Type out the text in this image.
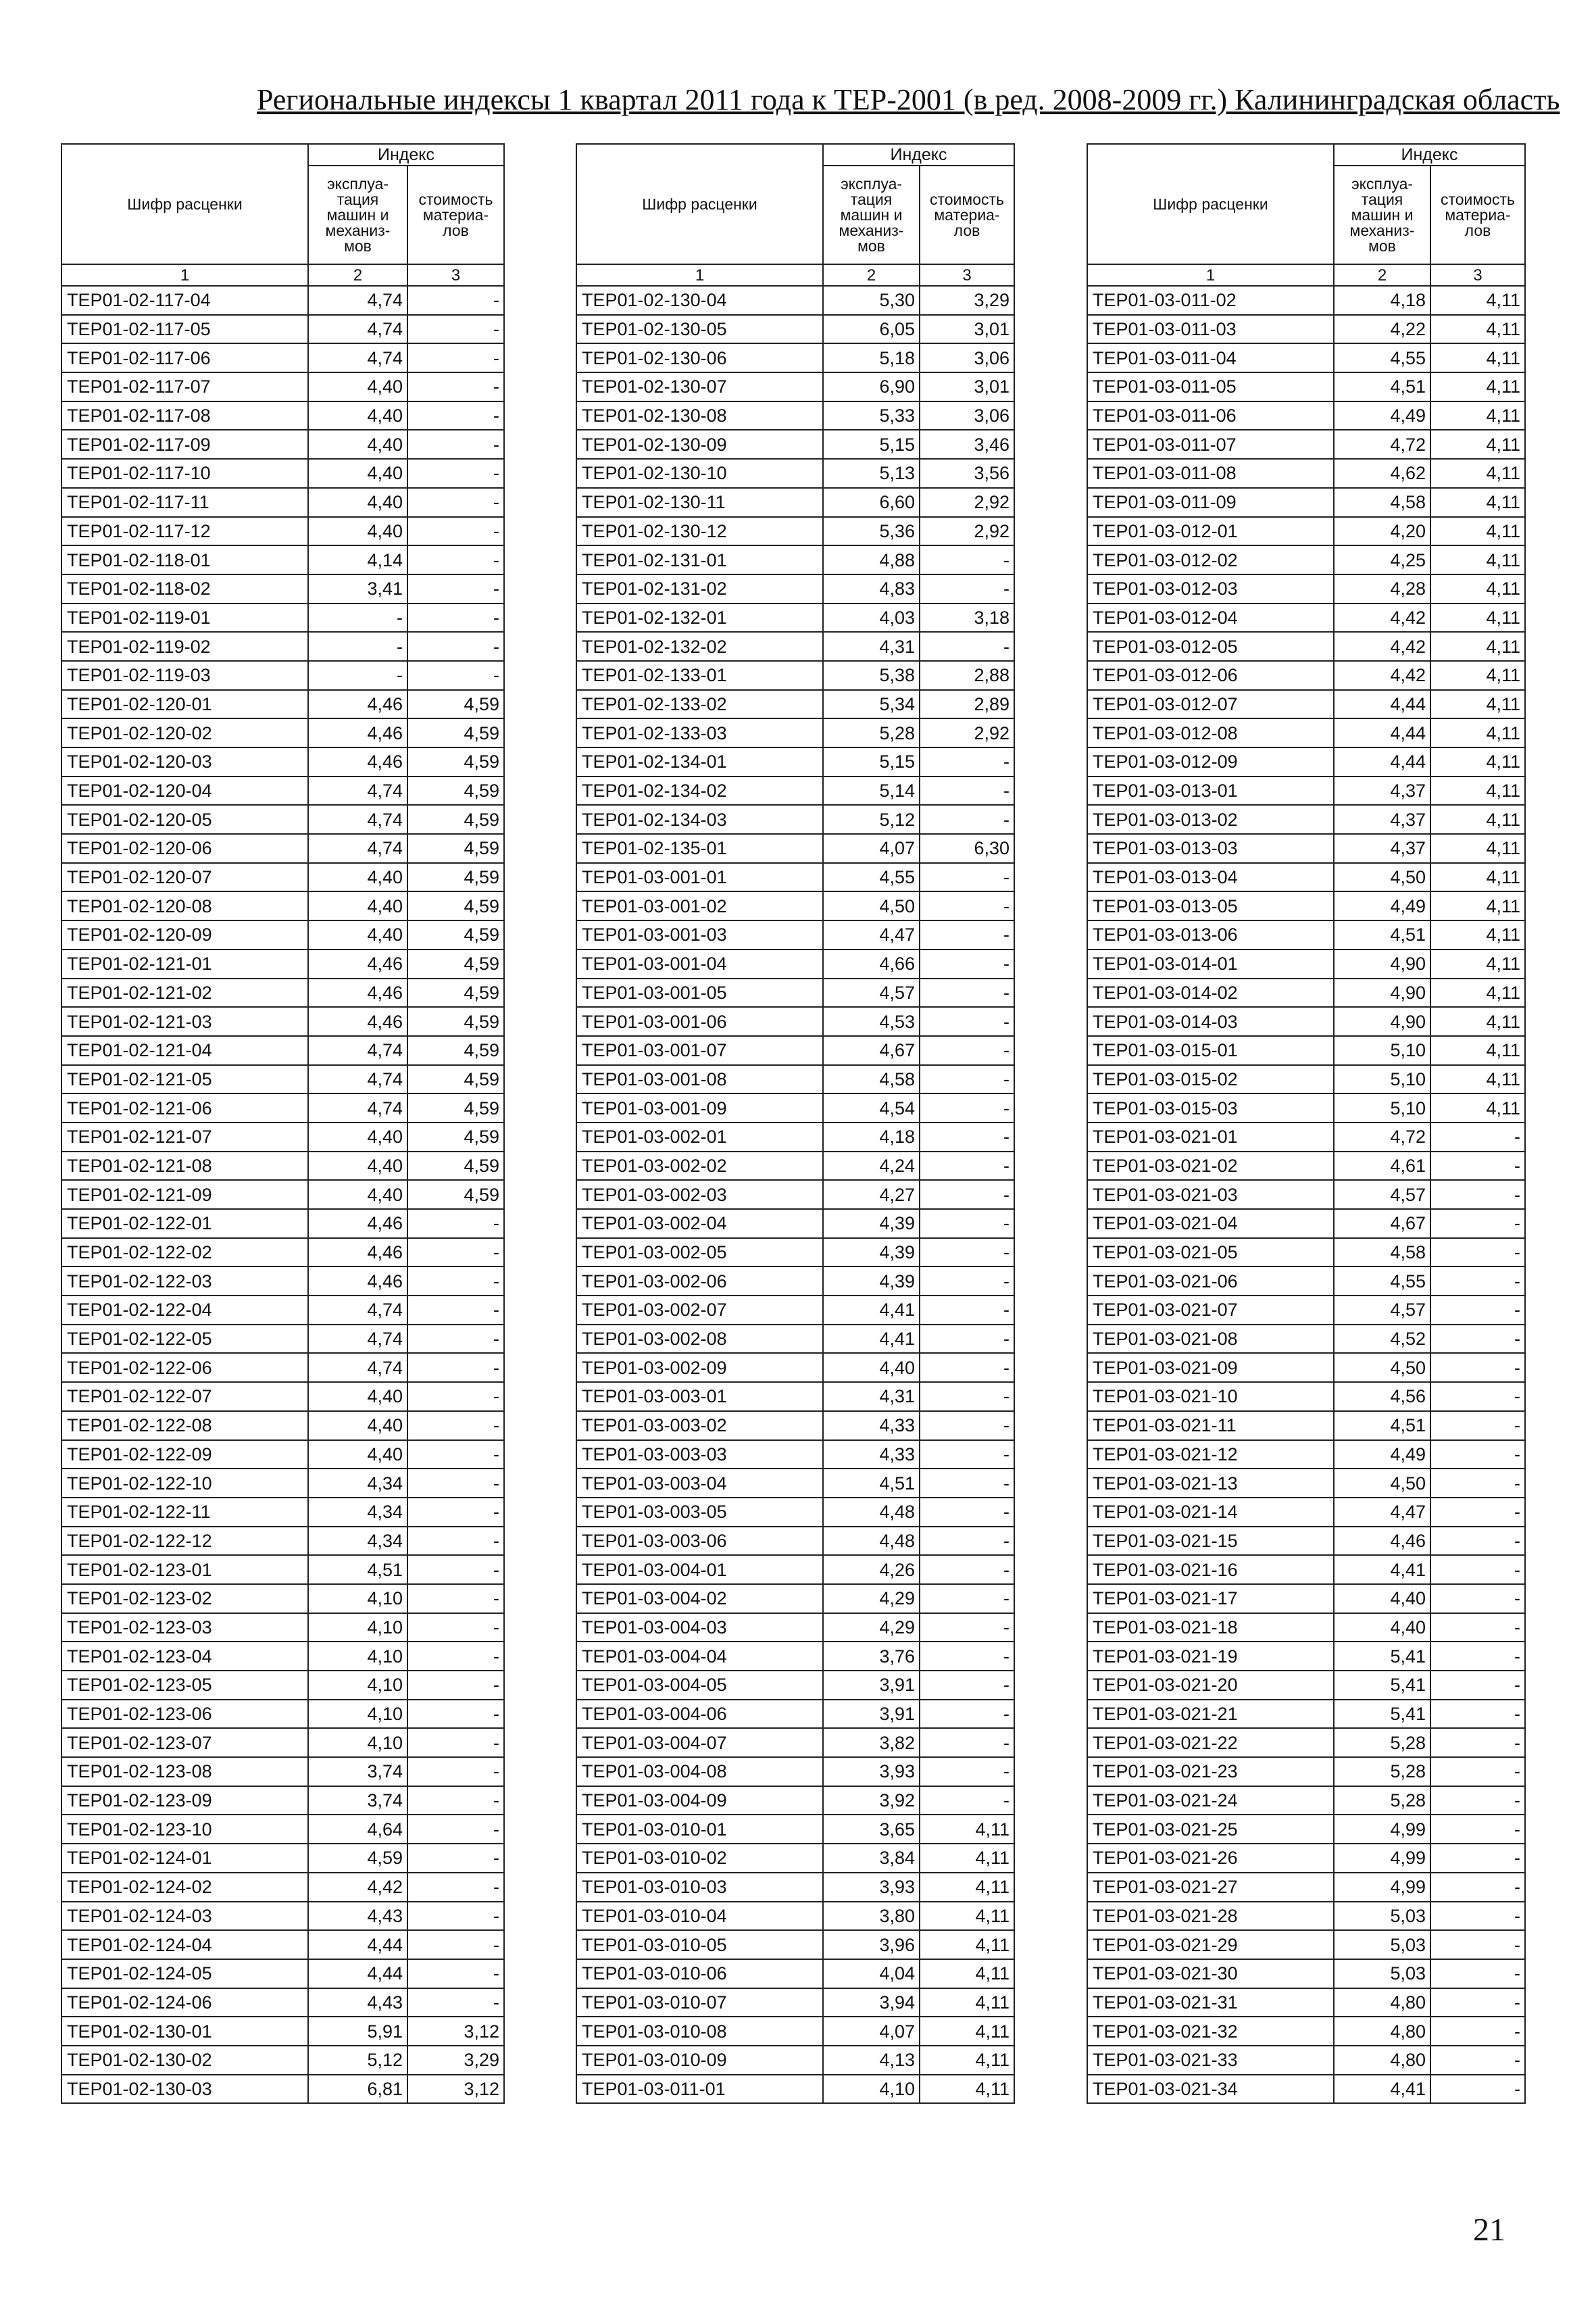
Региональные индексы 1 квартал 2011 года к ТЕР-2001 (в ред. 2008-2009 гг.) Калининградская область
Шифр расценки	Индекс	
	эксплуа-
тация
машин и
механиз-
мов	стоимость
материа-
лов
1	2	3
ТЕР01-02-117-04	4,74	-
ТЕР01-02-117-05	4,74	-
ТЕР01-02-117-06	4,74	-
ТЕР01-02-117-07	4,40	-
ТЕР01-02-117-08	4,40	-
ТЕР01-02-117-09	4,40	-
ТЕР01-02-117-10	4,40	-
ТЕР01-02-117-11	4,40	-
ТЕР01-02-117-12	4,40	-
ТЕР01-02-118-01	4,14	-
ТЕР01-02-118-02	3,41	-
ТЕР01-02-119-01	-	-
ТЕР01-02-119-02	-	-
ТЕР01-02-119-03	-	-
ТЕР01-02-120-01	4,46	4,59
ТЕР01-02-120-02	4,46	4,59
ТЕР01-02-120-03	4,46	4,59
ТЕР01-02-120-04	4,74	4,59
ТЕР01-02-120-05	4,74	4,59
ТЕР01-02-120-06	4,74	4,59
ТЕР01-02-120-07	4,40	4,59
ТЕР01-02-120-08	4,40	4,59
ТЕР01-02-120-09	4,40	4,59
ТЕР01-02-121-01	4,46	4,59
ТЕР01-02-121-02	4,46	4,59
ТЕР01-02-121-03	4,46	4,59
ТЕР01-02-121-04	4,74	4,59
ТЕР01-02-121-05	4,74	4,59
ТЕР01-02-121-06	4,74	4,59
ТЕР01-02-121-07	4,40	4,59
ТЕР01-02-121-08	4,40	4,59
ТЕР01-02-121-09	4,40	4,59
ТЕР01-02-122-01	4,46	-
ТЕР01-02-122-02	4,46	-
ТЕР01-02-122-03	4,46	-
ТЕР01-02-122-04	4,74	-
ТЕР01-02-122-05	4,74	-
ТЕР01-02-122-06	4,74	-
ТЕР01-02-122-07	4,40	-
ТЕР01-02-122-08	4,40	-
ТЕР01-02-122-09	4,40	-
ТЕР01-02-122-10	4,34	-
ТЕР01-02-122-11	4,34	-
ТЕР01-02-122-12	4,34	-
ТЕР01-02-123-01	4,51	-
ТЕР01-02-123-02	4,10	-
ТЕР01-02-123-03	4,10	-
ТЕР01-02-123-04	4,10	-
ТЕР01-02-123-05	4,10	-
ТЕР01-02-123-06	4,10	-
ТЕР01-02-123-07	4,10	-
ТЕР01-02-123-08	3,74	-
ТЕР01-02-123-09	3,74	-
ТЕР01-02-123-10	4,64	-
ТЕР01-02-124-01	4,59	-
ТЕР01-02-124-02	4,42	-
ТЕР01-02-124-03	4,43	-
ТЕР01-02-124-04	4,44	-
ТЕР01-02-124-05	4,44	-
ТЕР01-02-124-06	4,43	-
ТЕР01-02-130-01	5,91	3,12
ТЕР01-02-130-02	5,12	3,29
ТЕР01-02-130-03	6,81	3,12
Шифр расценки	Индекс	
	эксплуа-
тация
машин и
механиз-
мов	стоимость
материа-
лов
1	2	3
ТЕР01-02-130-04	5,30	3,29
ТЕР01-02-130-05	6,05	3,01
ТЕР01-02-130-06	5,18	3,06
ТЕР01-02-130-07	6,90	3,01
ТЕР01-02-130-08	5,33	3,06
ТЕР01-02-130-09	5,15	3,46
ТЕР01-02-130-10	5,13	3,56
ТЕР01-02-130-11	6,60	2,92
ТЕР01-02-130-12	5,36	2,92
ТЕР01-02-131-01	4,88	-
ТЕР01-02-131-02	4,83	-
ТЕР01-02-132-01	4,03	3,18
ТЕР01-02-132-02	4,31	-
ТЕР01-02-133-01	5,38	2,88
ТЕР01-02-133-02	5,34	2,89
ТЕР01-02-133-03	5,28	2,92
ТЕР01-02-134-01	5,15	-
ТЕР01-02-134-02	5,14	-
ТЕР01-02-134-03	5,12	-
ТЕР01-02-135-01	4,07	6,30
ТЕР01-03-001-01	4,55	-
ТЕР01-03-001-02	4,50	-
ТЕР01-03-001-03	4,47	-
ТЕР01-03-001-04	4,66	-
ТЕР01-03-001-05	4,57	-
ТЕР01-03-001-06	4,53	-
ТЕР01-03-001-07	4,67	-
ТЕР01-03-001-08	4,58	-
ТЕР01-03-001-09	4,54	-
ТЕР01-03-002-01	4,18	-
ТЕР01-03-002-02	4,24	-
ТЕР01-03-002-03	4,27	-
ТЕР01-03-002-04	4,39	-
ТЕР01-03-002-05	4,39	-
ТЕР01-03-002-06	4,39	-
ТЕР01-03-002-07	4,41	-
ТЕР01-03-002-08	4,41	-
ТЕР01-03-002-09	4,40	-
ТЕР01-03-003-01	4,31	-
ТЕР01-03-003-02	4,33	-
ТЕР01-03-003-03	4,33	-
ТЕР01-03-003-04	4,51	-
ТЕР01-03-003-05	4,48	-
ТЕР01-03-003-06	4,48	-
ТЕР01-03-004-01	4,26	-
ТЕР01-03-004-02	4,29	-
ТЕР01-03-004-03	4,29	-
ТЕР01-03-004-04	3,76	-
ТЕР01-03-004-05	3,91	-
ТЕР01-03-004-06	3,91	-
ТЕР01-03-004-07	3,82	-
ТЕР01-03-004-08	3,93	-
ТЕР01-03-004-09	3,92	-
ТЕР01-03-010-01	3,65	4,11
ТЕР01-03-010-02	3,84	4,11
ТЕР01-03-010-03	3,93	4,11
ТЕР01-03-010-04	3,80	4,11
ТЕР01-03-010-05	3,96	4,11
ТЕР01-03-010-06	4,04	4,11
ТЕР01-03-010-07	3,94	4,11
ТЕР01-03-010-08	4,07	4,11
ТЕР01-03-010-09	4,13	4,11
ТЕР01-03-011-01	4,10	4,11
Шифр расценки	Индекс	
	эксплуа-
тация
машин и
механиз-
мов	стоимость
материа-
лов
1	2	3
ТЕР01-03-011-02	4,18	4,11
ТЕР01-03-011-03	4,22	4,11
ТЕР01-03-011-04	4,55	4,11
ТЕР01-03-011-05	4,51	4,11
ТЕР01-03-011-06	4,49	4,11
ТЕР01-03-011-07	4,72	4,11
ТЕР01-03-011-08	4,62	4,11
ТЕР01-03-011-09	4,58	4,11
ТЕР01-03-012-01	4,20	4,11
ТЕР01-03-012-02	4,25	4,11
ТЕР01-03-012-03	4,28	4,11
ТЕР01-03-012-04	4,42	4,11
ТЕР01-03-012-05	4,42	4,11
ТЕР01-03-012-06	4,42	4,11
ТЕР01-03-012-07	4,44	4,11
ТЕР01-03-012-08	4,44	4,11
ТЕР01-03-012-09	4,44	4,11
ТЕР01-03-013-01	4,37	4,11
ТЕР01-03-013-02	4,37	4,11
ТЕР01-03-013-03	4,37	4,11
ТЕР01-03-013-04	4,50	4,11
ТЕР01-03-013-05	4,49	4,11
ТЕР01-03-013-06	4,51	4,11
ТЕР01-03-014-01	4,90	4,11
ТЕР01-03-014-02	4,90	4,11
ТЕР01-03-014-03	4,90	4,11
ТЕР01-03-015-01	5,10	4,11
ТЕР01-03-015-02	5,10	4,11
ТЕР01-03-015-03	5,10	4,11
ТЕР01-03-021-01	4,72	-
ТЕР01-03-021-02	4,61	-
ТЕР01-03-021-03	4,57	-
ТЕР01-03-021-04	4,67	-
ТЕР01-03-021-05	4,58	-
ТЕР01-03-021-06	4,55	-
ТЕР01-03-021-07	4,57	-
ТЕР01-03-021-08	4,52	-
ТЕР01-03-021-09	4,50	-
ТЕР01-03-021-10	4,56	-
ТЕР01-03-021-11	4,51	-
ТЕР01-03-021-12	4,49	-
ТЕР01-03-021-13	4,50	-
ТЕР01-03-021-14	4,47	-
ТЕР01-03-021-15	4,46	-
ТЕР01-03-021-16	4,41	-
ТЕР01-03-021-17	4,40	-
ТЕР01-03-021-18	4,40	-
ТЕР01-03-021-19	5,41	-
ТЕР01-03-021-20	5,41	-
ТЕР01-03-021-21	5,41	-
ТЕР01-03-021-22	5,28	-
ТЕР01-03-021-23	5,28	-
ТЕР01-03-021-24	5,28	-
ТЕР01-03-021-25	4,99	-
ТЕР01-03-021-26	4,99	-
ТЕР01-03-021-27	4,99	-
ТЕР01-03-021-28	5,03	-
ТЕР01-03-021-29	5,03	-
ТЕР01-03-021-30	5,03	-
ТЕР01-03-021-31	4,80	-
ТЕР01-03-021-32	4,80	-
ТЕР01-03-021-33	4,80	-
ТЕР01-03-021-34	4,41	-
21
